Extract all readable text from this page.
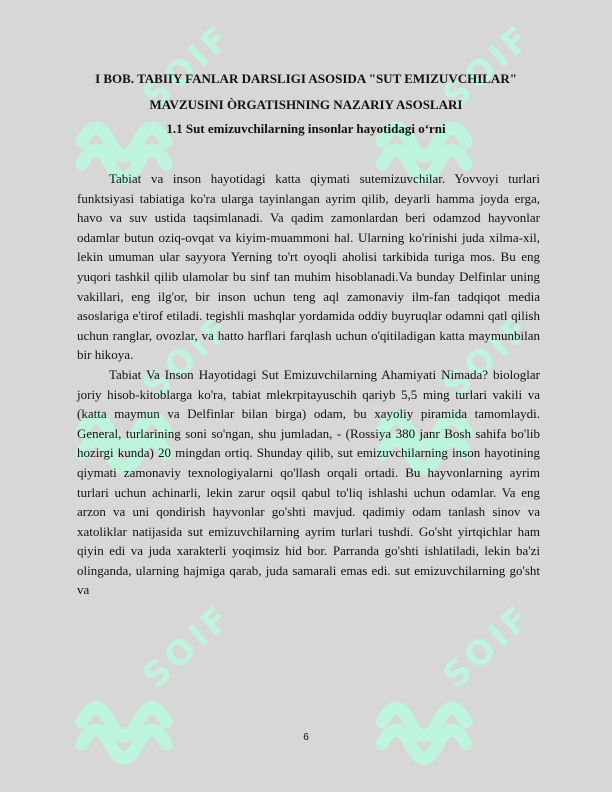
I BOB. TABIIY FANLAR DARSLIGI ASOSIDA "SUT EMIZUVCHILAR"
MAVZUSINI ÒRGATISHNING NAZARIY ASOSLARI
1.1 Sut emizuvchilarning insonlar hayotidagi o‘rni

Tabiat va inson hayotidagi katta qiymati sutemizuvchilar. Yovvoyi turlari funktsiyasi tabiatiga ko'ra ularga tayinlangan ayrim qilib, deyarli hamma joyda erga, havo va suv ustida taqsimlanadi. Va qadim zamonlardan beri odamzod hayvonlar odamlar butun oziq-ovqat va kiyim-muammoni hal. Ularning ko'rinishi juda xilma-xil, lekin umuman ular sayyora Yerning to'rt oyoqli aholisi tarkibida turiga mos. Bu eng yuqori tashkil qilib ulamolar bu sinf tan muhim hisoblanadi.Va bunday Delfinlar uning vakillari, eng ilg'or, bir inson uchun teng aql zamonaviy ilm-fan tadqiqot media asoslariga e'tirof etiladi. tegishli mashqlar yordamida oddiy buyruqlar odamni qatl qilish uchun ranglar, ovozlar, va hatto harflari farqlash uchun o'qitiladigan katta maymunbilan bir hikoya.

Tabiat Va Inson Hayotidagi Sut Emizuvchilarning Ahamiyati Nimada? biologlar joriy hisob-kitoblarga ko'ra, tabiat mlekrpitayuschih qariyb 5,5 ming turlari vakili va (katta maymun va Delfinlar bilan birga) odam, bu xayoliy piramida tamomlaydi. General, turlarining soni so'ngan, shu jumladan, - (Rossiya 380 janr Bosh sahifa bo'lib hozirgi kunda) 20 mingdan ortiq. Shunday qilib, sut emizuvchilarning inson hayotining qiymati zamonaviy texnologiyalarni qo'llash orqali ortadi. Bu hayvonlarning ayrim turlari uchun achinarli, lekin zarur oqsil qabul to'liq ishlashi uchun odamlar. Va eng arzon va uni qondirish hayvonlar go'shti mavjud. qadimiy odam tanlash sinov va xatoliklar natijasida sut emizuvchilarning ayrim turlari tushdi. Go'sht yirtqichlar ham qiyin edi va juda xarakterli yoqimsiz hid bor. Parranda go'shti ishlatiladi, lekin ba'zi olinganda, ularning hajmiga qarab, juda samarali emas edi. sut emizuvchilarning go'sht va

6
